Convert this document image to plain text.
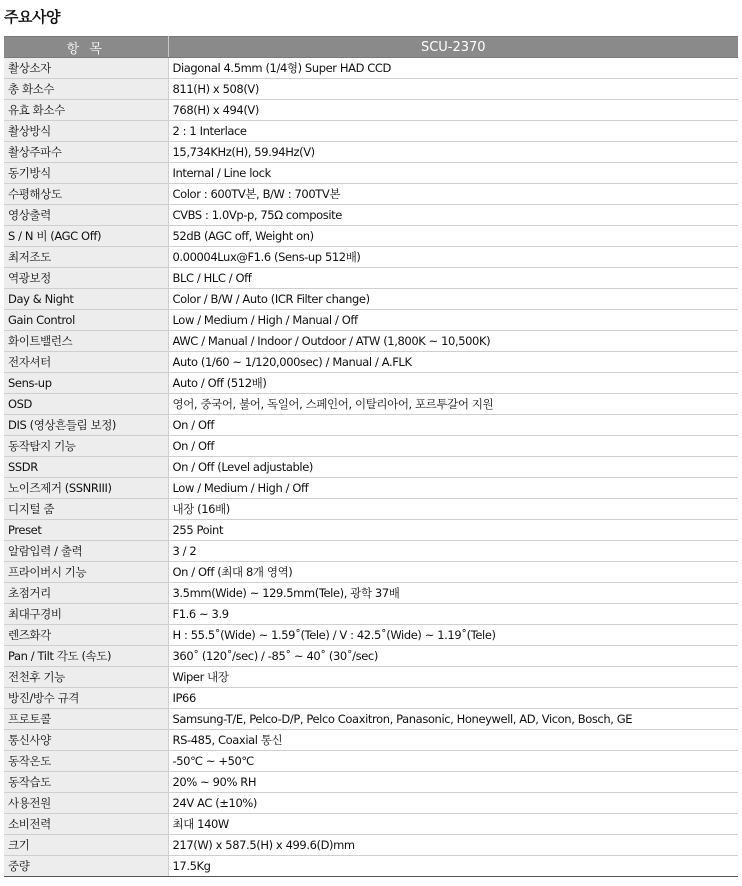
주요사양
항 목	SCU-2370
촬상소자	Diagonal 4.5mm (1/4형) Super HAD CCD
총 화소수	811(H) x 508(V)
유효 화소수	768(H) x 494(V)
촬상방식	2 : 1 Interlace
촬상주파수	15,734KHz(H), 59.94Hz(V)
동기방식	Internal / Line lock
수평해상도	Color : 600TV본, B/W : 700TV본
영상출력	CVBS : 1.0Vp-p, 75Ω composite
S / N 비 (AGC Off)	52dB (AGC off, Weight on)
최저조도	0.00004Lux@F1.6 (Sens-up 512배)
역광보정	BLC / HLC / Off
Day & Night	Color / B/W / Auto (ICR Filter change)
Gain Control	Low / Medium / High / Manual / Off
화이트밸런스	AWC / Manual / Indoor / Outdoor / ATW (1,800K ~ 10,500K)
전자셔터	Auto (1/60 ~ 1/120,000sec) / Manual / A.FLK
Sens-up	Auto / Off (512배)
OSD	영어, 중국어, 불어, 독일어, 스페인어, 이탈리아어, 포르투갈어 지원
DIS (영상흔들림 보정)	On / Off
동작탐지 기능	On / Off
SSDR	On / Off (Level adjustable)
노이즈제거 (SSNRIII)	Low / Medium / High / Off
디지털 줌	내장 (16배)
Preset	255 Point
알람입력 / 출력	3 / 2
프라이버시 기능	On / Off (최대 8개 영역)
초점거리	3.5mm(Wide) ~ 129.5mm(Tele), 광학 37배
최대구경비	F1.6 ~ 3.9
렌즈화각	H : 55.5˚(Wide) ~ 1.59˚(Tele) / V : 42.5˚(Wide) ~ 1.19˚(Tele)
Pan / Tilt 각도 (속도)	360˚ (120˚/sec) / -85˚ ~ 40˚ (30˚/sec)
전천후 기능	Wiper 내장
방진/방수 규격	IP66
프로토콜	Samsung-T/E, Pelco-D/P, Pelco Coaxitron, Panasonic, Honeywell, AD, Vicon, Bosch, GE
통신사양	RS-485, Coaxial 통신
동작온도	-50℃ ~ +50℃
동작습도	20% ~ 90% RH
사용전원	24V AC (±10%)
소비전력	최대 140W
크기	217(W) x 587.5(H) x 499.6(D)mm
중량	17.5Kg
